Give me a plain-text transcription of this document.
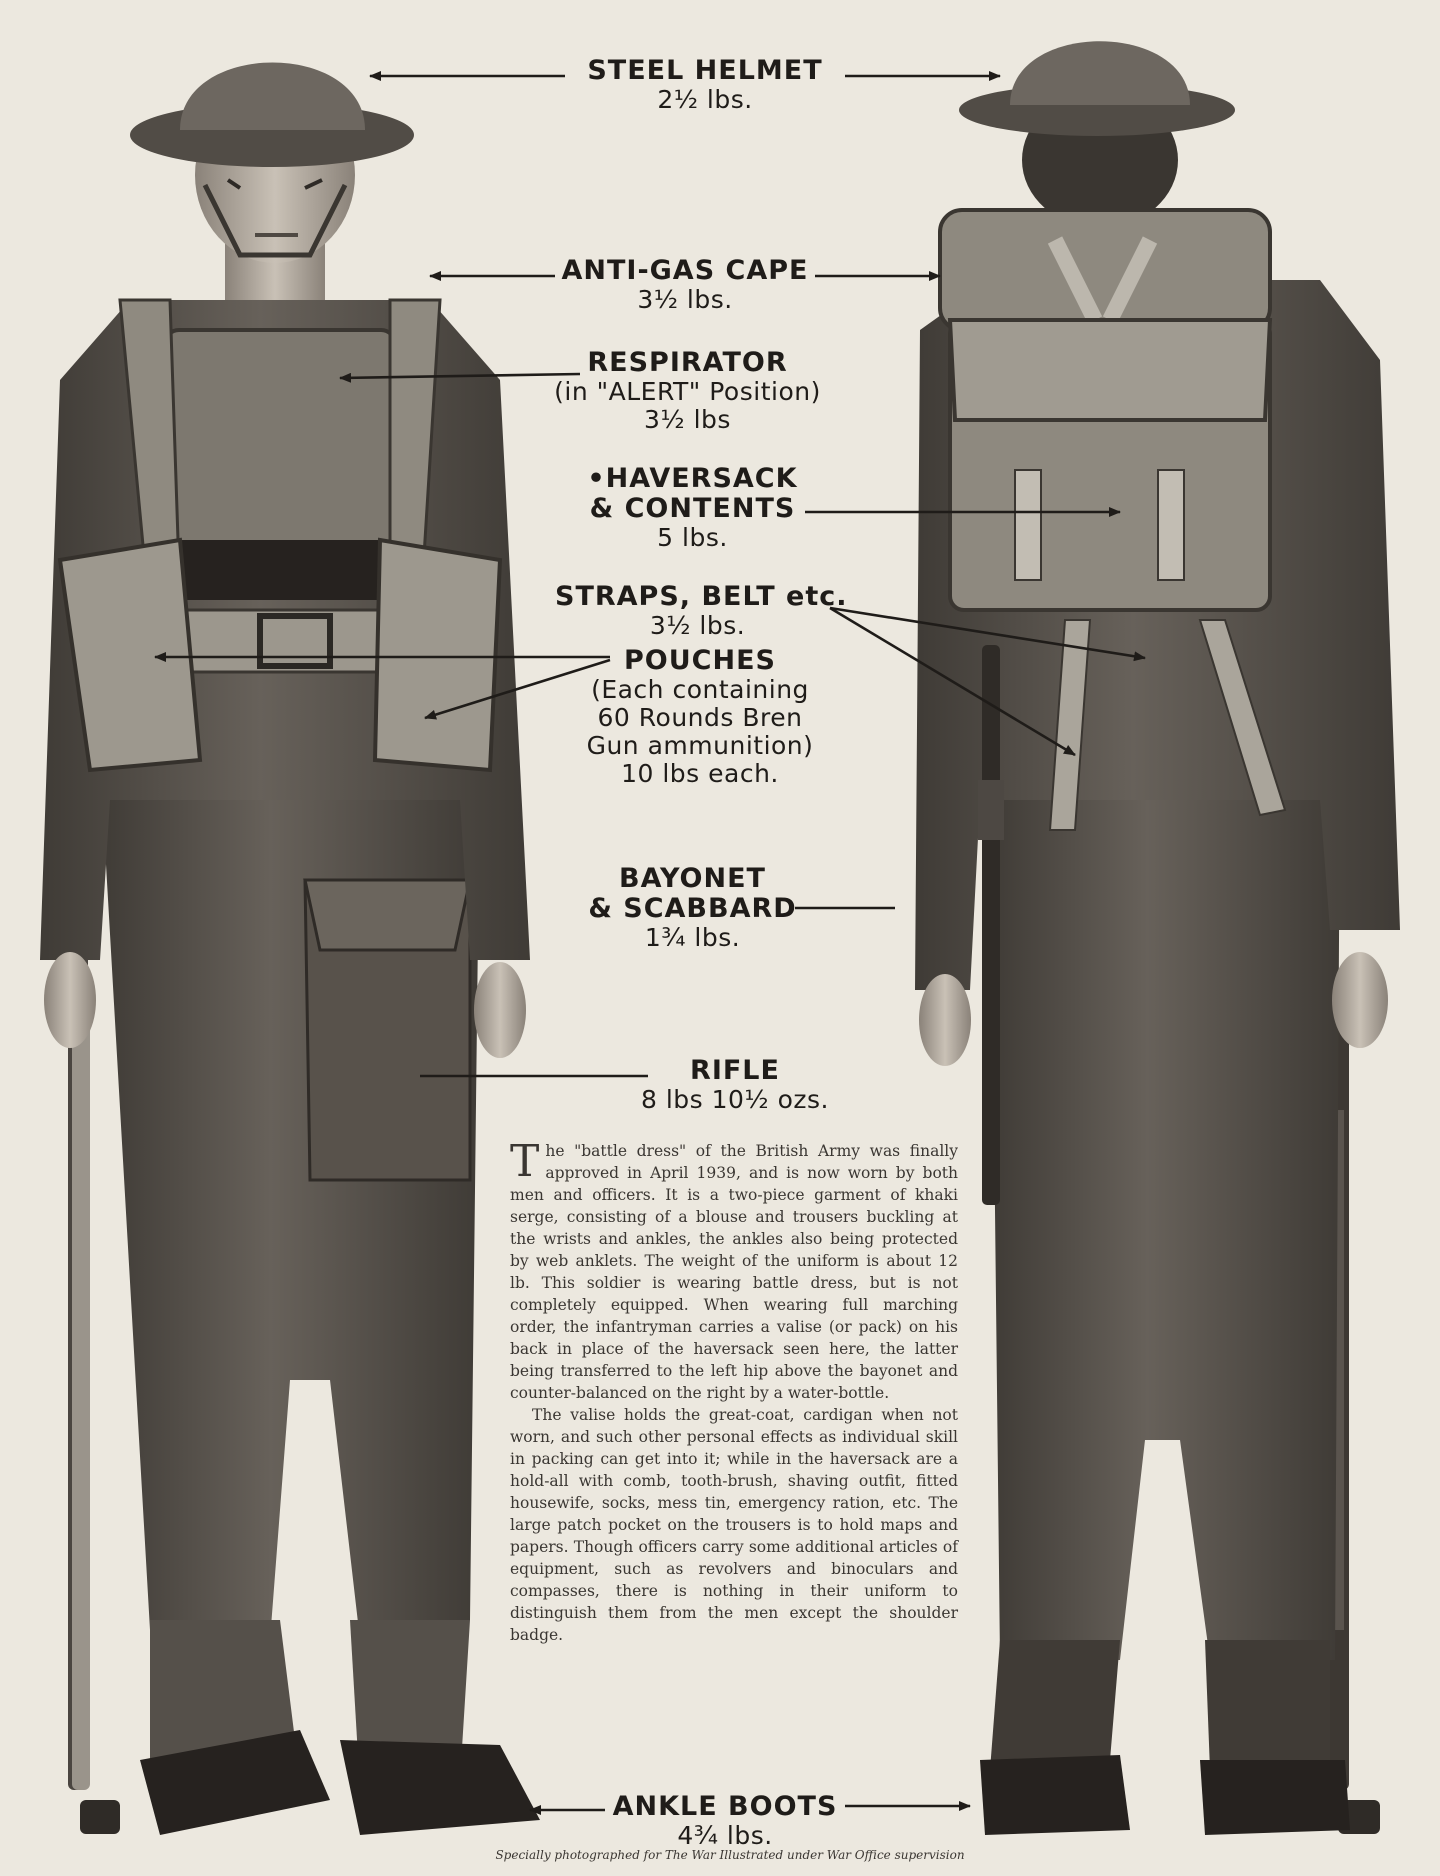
STEEL HELMET
2½ lbs.
ANTI-GAS CAPE
3½ lbs.
RESPIRATOR
(in "ALERT" Position)
3½ lbs
•HAVERSACK
& CONTENTS
5 lbs.
STRAPS, BELT etc.
3½ lbs.
POUCHES
(Each containing
60 Rounds Bren
Gun ammunition)
10 lbs each.
BAYONET
& SCABBARD
1¾ lbs.
RIFLE
8 lbs 10½ ozs.
ANKLE BOOTS
4¾ lbs.

The "battle dress" of the British Army was finally approved in April 1939, and is now worn by both men and officers. It is a two-piece garment of khaki serge, consisting of a blouse and trousers buckling at the wrists and ankles, the ankles also being protected by web anklets. The weight of the uniform is about 12 lb. This soldier is wearing battle dress, but is not completely equipped. When wearing full marching order, the infantryman carries a valise (or pack) on his back in place of the haversack seen here, the latter being transferred to the left hip above the bayonet and counter-balanced on the right by a water-bottle.

The valise holds the great-coat, cardigan when not worn, and such other personal effects as individual skill in packing can get into it; while in the haversack are a hold-all with comb, tooth-brush, shaving outfit, fitted housewife, socks, mess tin, emergency ration, etc. The large patch pocket on the trousers is to hold maps and papers. Though officers carry some additional articles of equipment, such as revolvers and binoculars and compasses, there is nothing in their uniform to distinguish them from the men except the shoulder badge.

Specially photographed for The War Illustrated under War Office supervision
